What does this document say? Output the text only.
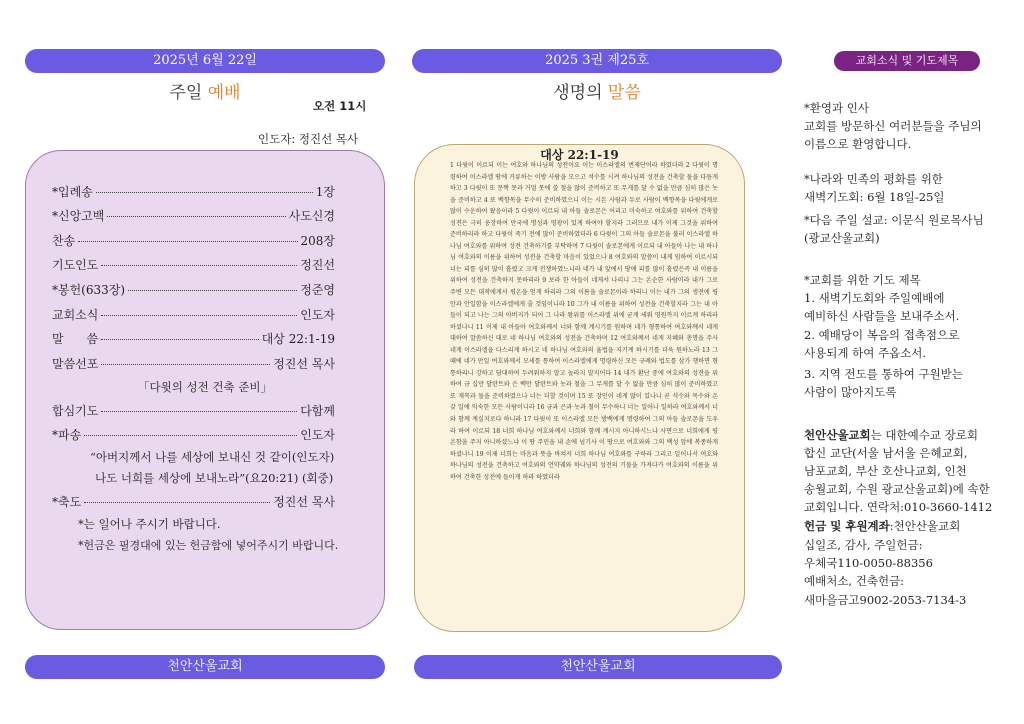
2025년 6월 22일
주일 예배
오전 11시
인도자: 정진선 목사
*입례송	1장
*신앙고백	사도신경
찬송	208장
기도인도	정진선
*봉헌(633장)	정준영
교회소식	인도자
말      씀	대상 22:1-19
말씀선포	정진선 목사
「다윗의 성전 건축 준비」
합심기도	다함께
*파송	인도자
“아버지께서 나를 세상에 보내신 것 같이(인도자)
나도 너희를 세상에 보내노라”(요20:21) (회중)
*축도	정진선 목사
*는 일어나 주시기 바랍니다.
*헌금은 필경대에 있는 헌금함에 넣어주시기 바랍니다.
천안산울교회
2025 3권 제25호
생명의 말씀
대상 22:1-19
1 다윗이 이르되 이는 여호와 하나님의 성전이요 이는 이스라엘의 번제단이라 하였더라 2 다윗이 명령하여 이스라엘 땅에 거류하는 이방 사람을 모으고 석수를 시켜 하나님의 성전을 건축할 돌을 다듬게 하고 3 다윗이 또 문짝 못과 거멀 못에 쓸 철을 많이 준비하고 또 무게를 달 수 없을 만큼 심히 많은 놋을 준비하고 4 또 백향목을 무수히 준비하였으니 이는 시돈 사람과 두로 사람이 백향목을 다윗에게로 많이 수운하여 왔음이라 5 다윗이 이르되 내 아들 솔로몬은 어리고 미숙하고 여호와를 위하여 건축할 성전은 극히 웅장하여 만국에 명성과 영광이 있게 하여야 할지라 그러므로 내가 이제 그것을 위하여 준비하리라 하고 다윗이 죽기 전에 많이 준비하였더라 6 다윗이 그의 아들 솔로몬을 불러 이스라엘 하나님 여호와를 위하여 성전 건축하기를 부탁하여 7 다윗이 솔로몬에게 이르되 내 아들아 나는 내 하나님 여호와의 이름을 위하여 성전을 건축할 마음이 있었으나 8 여호와의 말씀이 내게 임하여 이르시되 너는 피를 심히 많이 흘렸고 크게 전쟁하였느니라 네가 내 앞에서 땅에 피를 많이 흘렸은즉 내 이름을 위하여 성전을 건축하지 못하리라 9 보라 한 아들이 네게서 나리니 그는 온순한 사람이라 내가 그로 주변 모든 대적에게서 평온을 얻게 하리라 그의 이름을 솔로몬이라 하리니 이는 내가 그의 생전에 평안과 안일함을 이스라엘에게 줄 것임이니라 10 그가 내 이름을 위하여 성전을 건축할지라 그는 내 아들이 되고 나는 그의 아버지가 되어 그 나라 왕위를 이스라엘 위에 굳게 세워 영원까지 이르게 하리라 하셨나니 11 이제 내 아들아 여호와께서 너와 함께 계시기를 원하며 네가 형통하여 여호와께서 네게 대하여 말씀하신 대로 네 하나님 여호와의 성전을 건축하며 12 여호와께서 네게 지혜와 총명을 주사 네게 이스라엘을 다스리게 하시고 네 하나님 여호와의 율법을 지키게 하시기를 더욱 원하노라 13 그 때에 네가 만일 여호와께서 모세를 통하여 이스라엘에게 명령하신 모든 규례와 법도를 삼가 행하면 형통하리니 강하고 담대하여 두려워하지 말고 놀라지 말지어다 14 내가 환난 중에 여호와의 성전을 위하여 금 십만 달란트와 은 백만 달란트와 놋과 철을 그 무게를 달 수 없을 만큼 심히 많이 준비하였고 또 재목과 돌을 준비하였으나 너는 더할 것이며 15 또 장인이 네게 많이 있나니 곧 석수와 목수와 온갖 일에 익숙한 모든 사람이니라 16 금과 은과 놋과 철이 무수하니 너는 일어나 일하라 여호와께서 너와 함께 계실지로다 하니라 17 다윗이 또 이스라엘 모든 방백에게 명령하여 그의 아들 솔로몬을 도우라 하여 이르되 18 너희 하나님 여호와께서 너희와 함께 계시지 아니하시느냐 사면으로 너희에게 평온함을 주지 아니하셨느냐 이 땅 주민을 내 손에 넘기사 이 땅으로 여호와와 그의 백성 앞에 복종하게 하셨나니 19 이제 너희는 마음과 뜻을 바쳐서 너희 하나님 여호와를 구하라 그리고 일어나서 여호와 하나님의 성전을 건축하고 여호와의 언약궤와 하나님의 성전의 기물을 가져다가 여호와의 이름을 위하여 건축한 성전에 들이게 하라 하였더라
천안산울교회
교회소식 및 기도제목
*환영과 인사
교회를 방문하신 여러분들을 주님의
이름으로 환영합니다.
*나라와 민족의 평화를 위한
새벽기도회: 6월 18일-25일
*다음 주일 설교: 이문식 원로목사님
(광교산울교회)
*교회를 위한 기도 제목
1. 새벽기도회와 주일예배에
예비하신 사람들을 보내주소서.
2. 예배당이 복음의 접촉점으로
사용되게 하여 주옵소서.
3. 지역 전도를 통하여 구원받는
사람이 많아지도록
천안산울교회는 대한예수교 장로회
합신 교단(서울 남서울 은혜교회,
남포교회, 부산 호산나교회, 인천
송월교회, 수원 광교산울교회)에 속한
교회입니다. 연락처:010-3660-1412
헌금 및 후원계좌:천안산울교회
십일조, 감사, 주일헌금:
우체국110-0050-88356
예배처소, 건축헌금:
새마을금고9002-2053-7134-3
